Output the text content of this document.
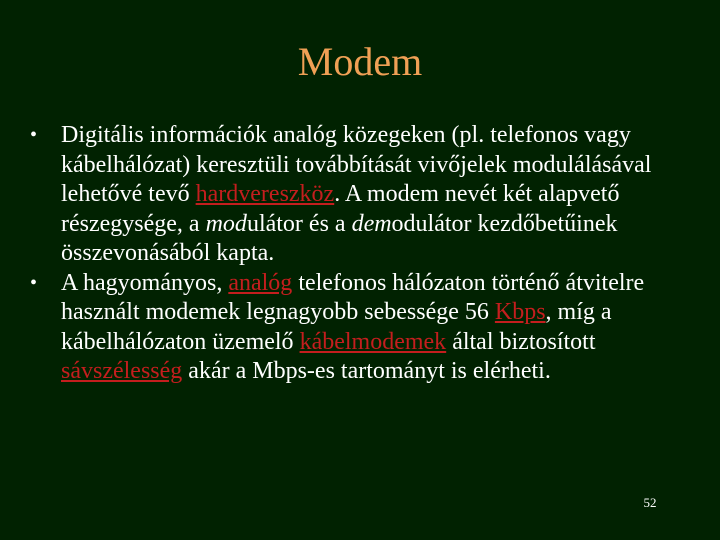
Modem
• Digitális információk analóg közegeken (pl. telefonos vagy kábelhálózat) keresztüli továbbítását vivőjelek modulálásával lehetővé tevő hardvereszköz. A modem nevét két alapvető részegysége, a modulátor és a demodulátor kezdőbetűinek összevonásából kapta.
• A hagyományos, analóg telefonos hálózaton történő átvitelre használt modemek legnagyobb sebessége 56 Kbps, míg a kábelhálózaton üzemelő kábelmodemek által biztosított sávszélesség akár a Mbps-es tartományt is elérheti.
52
